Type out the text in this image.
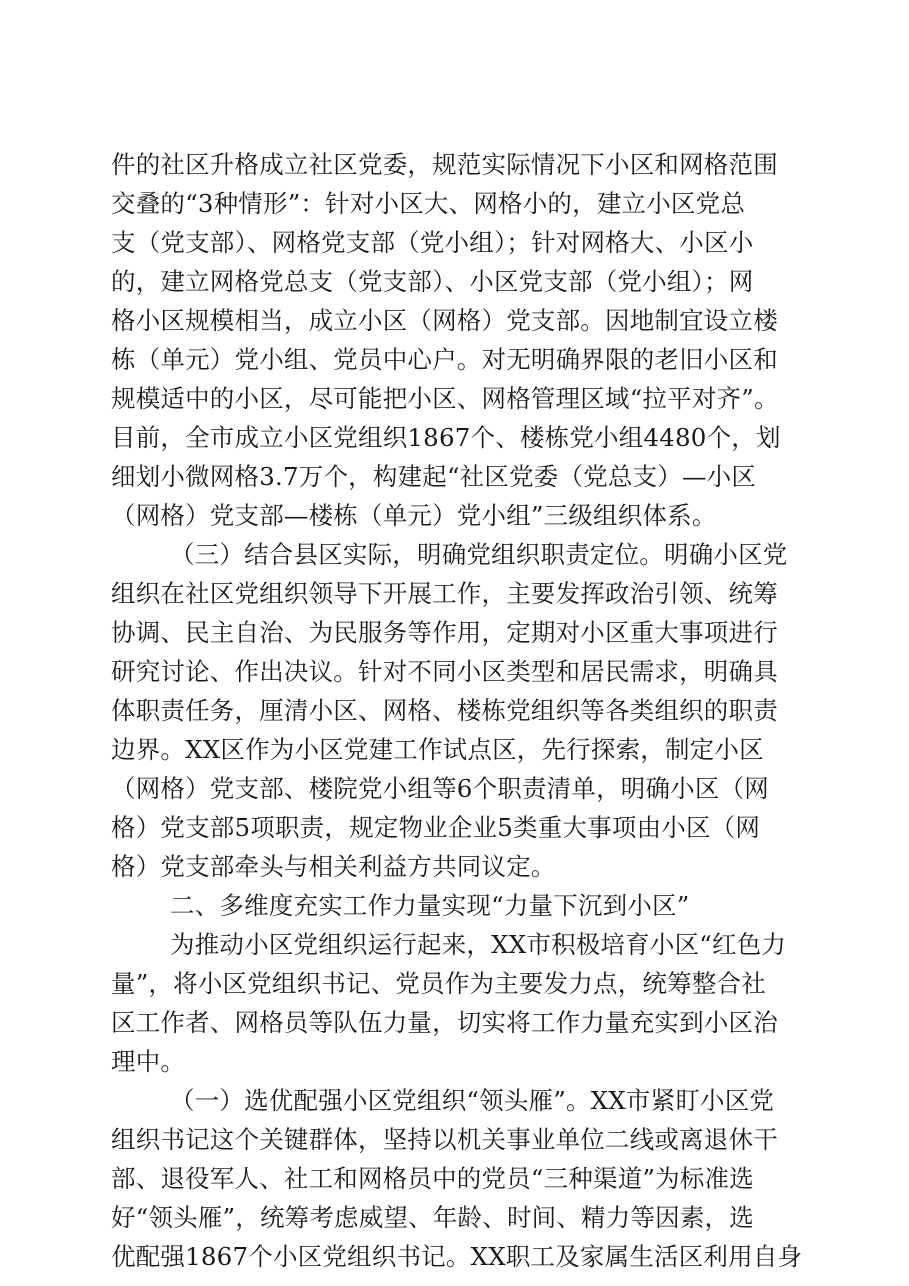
件的社区升格成立社区党委，规范实际情况下小区和网格范围
交叠的“3种情形”：针对小区大、网格小的，建立小区党总
支（党支部）、网格党支部（党小组）；针对网格大、小区小
的，建立网格党总支（党支部）、小区党支部（党小组）；网
格小区规模相当，成立小区（网格）党支部。因地制宜设立楼
栋（单元）党小组、党员中心户。对无明确界限的老旧小区和
规模适中的小区，尽可能把小区、网格管理区域“拉平对齐”。
目前，全市成立小区党组织1867个、楼栋党小组4480个，划
细划小微网格3.7万个，构建起“社区党委（党总支）—小区
（网格）党支部—楼栋（单元）党小组”三级组织体系。
（三）结合县区实际，明确党组织职责定位。明确小区党
组织在社区党组织领导下开展工作，主要发挥政治引领、统筹
协调、民主自治、为民服务等作用，定期对小区重大事项进行
研究讨论、作出决议。针对不同小区类型和居民需求，明确具
体职责任务，厘清小区、网格、楼栋党组织等各类组织的职责
边界。XX区作为小区党建工作试点区，先行探索，制定小区
（网格）党支部、楼院党小组等6个职责清单，明确小区（网
格）党支部5项职责，规定物业企业5类重大事项由小区（网
格）党支部牵头与相关利益方共同议定。
二、多维度充实工作力量实现“力量下沉到小区”
为推动小区党组织运行起来，XX市积极培育小区“红色力
量”，将小区党组织书记、党员作为主要发力点，统筹整合社
区工作者、网格员等队伍力量，切实将工作力量充实到小区治
理中。
（一）选优配强小区党组织“领头雁”。XX市紧盯小区党
组织书记这个关键群体，坚持以机关事业单位二线或离退休干
部、退役军人、社工和网格员中的党员“三种渠道”为标准选
好“领头雁”，统筹考虑威望、年龄、时间、精力等因素，选
优配强1867个小区党组织书记。XX职工及家属生活区利用自身
